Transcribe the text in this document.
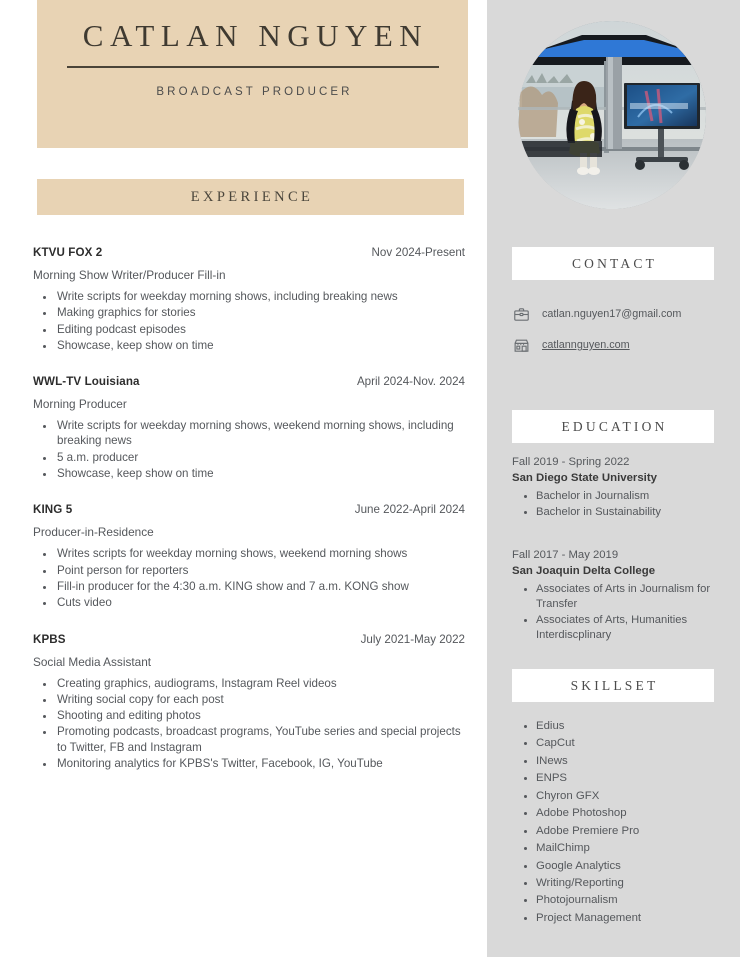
CATLAN NGUYEN
BROADCAST PRODUCER
EXPERIENCE
KTVU FOX 2	Nov 2024-Present
Morning Show Writer/Producer Fill-in
• Write scripts for weekday morning shows, including breaking news
• Making graphics for stories
• Editing podcast episodes
• Showcase, keep show on time
WWL-TV Louisiana	April 2024-Nov. 2024
Morning Producer
• Write scripts for weekday morning shows, weekend morning shows, including breaking news
• 5 a.m. producer
• Showcase, keep show on time
KING 5	June 2022-April 2024
Producer-in-Residence
• Writes scripts for weekday morning shows, weekend morning shows
• Point person for reporters
• Fill-in producer for the 4:30 a.m. KING show and 7 a.m. KONG show
• Cuts video
KPBS	July 2021-May 2022
Social Media Assistant
• Creating graphics, audiograms, Instagram Reel videos
• Writing social copy for each post
• Shooting and editing photos
• Promoting podcasts, broadcast programs, YouTube series and special projects to Twitter, FB and Instagram
• Monitoring analytics for KPBS's Twitter, Facebook, IG, YouTube
CONTACT
catlan.nguyen17@gmail.com
catlannguyen.com
EDUCATION
Fall 2019 - Spring 2022
San Diego State University
• Bachelor in Journalism
• Bachelor in Sustainability
Fall 2017 - May 2019
San Joaquin Delta College
• Associates of Arts in Journalism for Transfer
• Associates of Arts, Humanities Interdiscplinary
SKILLSET
• Edius
• CapCut
• INews
• ENPS
• Chyron GFX
• Adobe Photoshop
• Adobe Premiere Pro
• MailChimp
• Google Analytics
• Writing/Reporting
• Photojournalism
• Project Management
